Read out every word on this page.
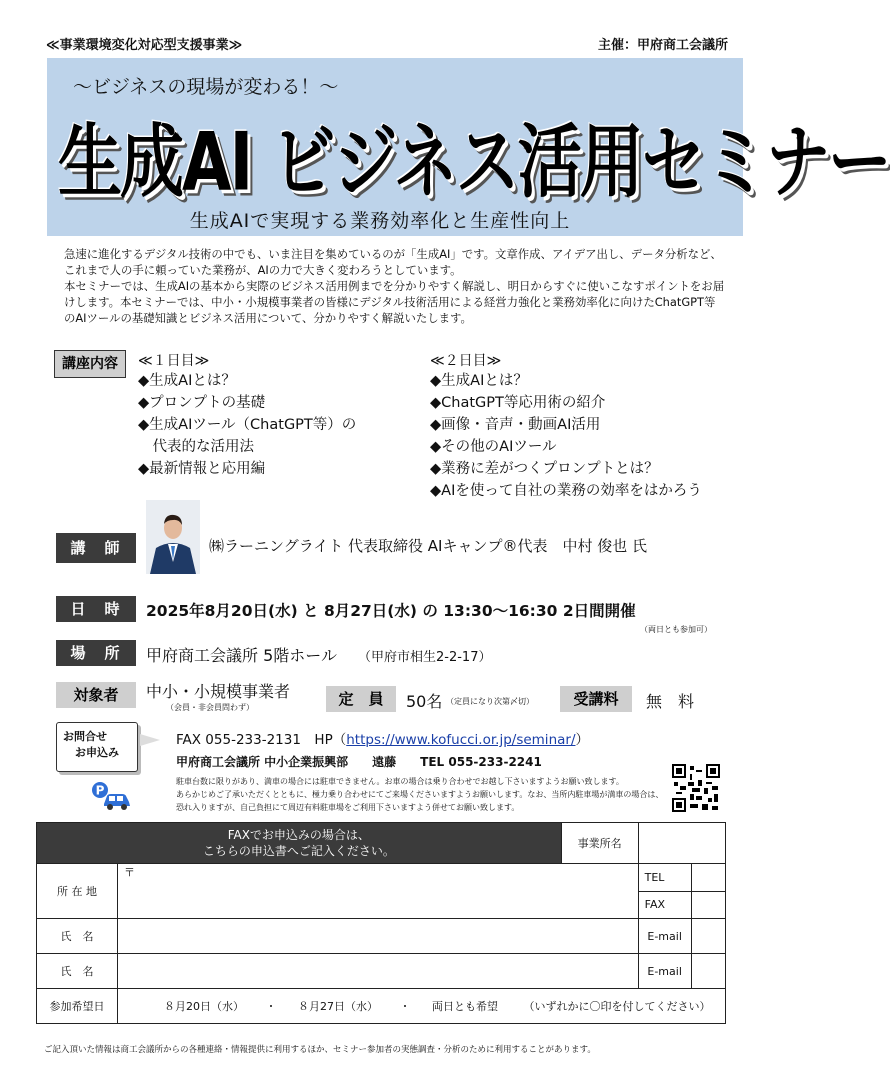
≪事業環境変化対応型支援事業≫	主催：甲府商工会議所
～ビジネスの現場が変わる！～
生成AI ビジネス活用セミナー
生成AIで実現する業務効率化と生産性向上
急速に進化するデジタル技術の中でも、いま注目を集めているのが「生成AI」です。文章作成、アイデア出し、データ分析など、これまで人の手に頼っていた業務が、AIの力で大きく変わろうとしています。
本セミナーでは、生成AIの基本から実際のビジネス活用例までを分かりやすく解説し、明日からすぐに使いこなすポイントをお届けします。本セミナーでは、中小・小規模事業者の皆様にデジタル技術活用による経営力強化と業務効率化に向けたChatGPT等のAIツールの基礎知識とビジネス活用について、分かりやすく解説いたします。
講座内容	≪１日目≫
◆生成AIとは？
◆プロンプトの基礎
◆生成AIツール（ChatGPT等）の
　代表的な活用法
◆最新情報と応用編
≪２日目≫
◆生成AIとは？
◆ChatGPT等応用術の紹介
◆画像・音声・動画AI活用
◆その他のAIツール
◆業務に差がつくプロンプトとは？
◆AIを使って自社の業務の効率をはかろう
講　師	㈱ラーニングライト 代表取締役 AIキャンプ®代表　中村 俊也 氏
日　時	2025年8月20日(水) と 8月27日(水) の 13:30～16:30 2日間開催
（両日とも参加可）
場　所	甲府商工会議所 5階ホール （甲府市相生2-2-17）
対象者	中小・小規模事業者
（会員・非会員問わず）	定　員	50名 （定員になり次第〆切）	受講料	無　料
お問合せ
お申込み
FAX 055-233-2131　HP（https://www.kofucci.or.jp/seminar/）
甲府商工会議所 中小企業振興部　　遠藤　　TEL 055-233-2241
P
駐車台数に限りがあり、満車の場合には駐車できません。お車の場合は乗り合わせでお越し下さいますようお願い致します。
あらかじめご了承いただくとともに、極力乗り合わせにてご来場くださいますようお願いします。なお、当所内駐車場が満車の場合は、
恐れ入りますが、自己負担にて周辺有料駐車場をご利用下さいますよう併せてお願い致します。
FAXでお申込みの場合は、
こちらの申込書へご記入ください。		事業所名		
所 在 地	〒		TEL	
			FAX	
氏　名			E-mail	
氏　名			E-mail	
参加希望日	８月20日（水） ・ ８月27日（水） ・ 両日とも希望 （いずれかに〇印を付してください）			
ご記入頂いた情報は商工会議所からの各種連絡・情報提供に利用するほか、セミナー参加者の実態調査・分析のために利用することがあります。
